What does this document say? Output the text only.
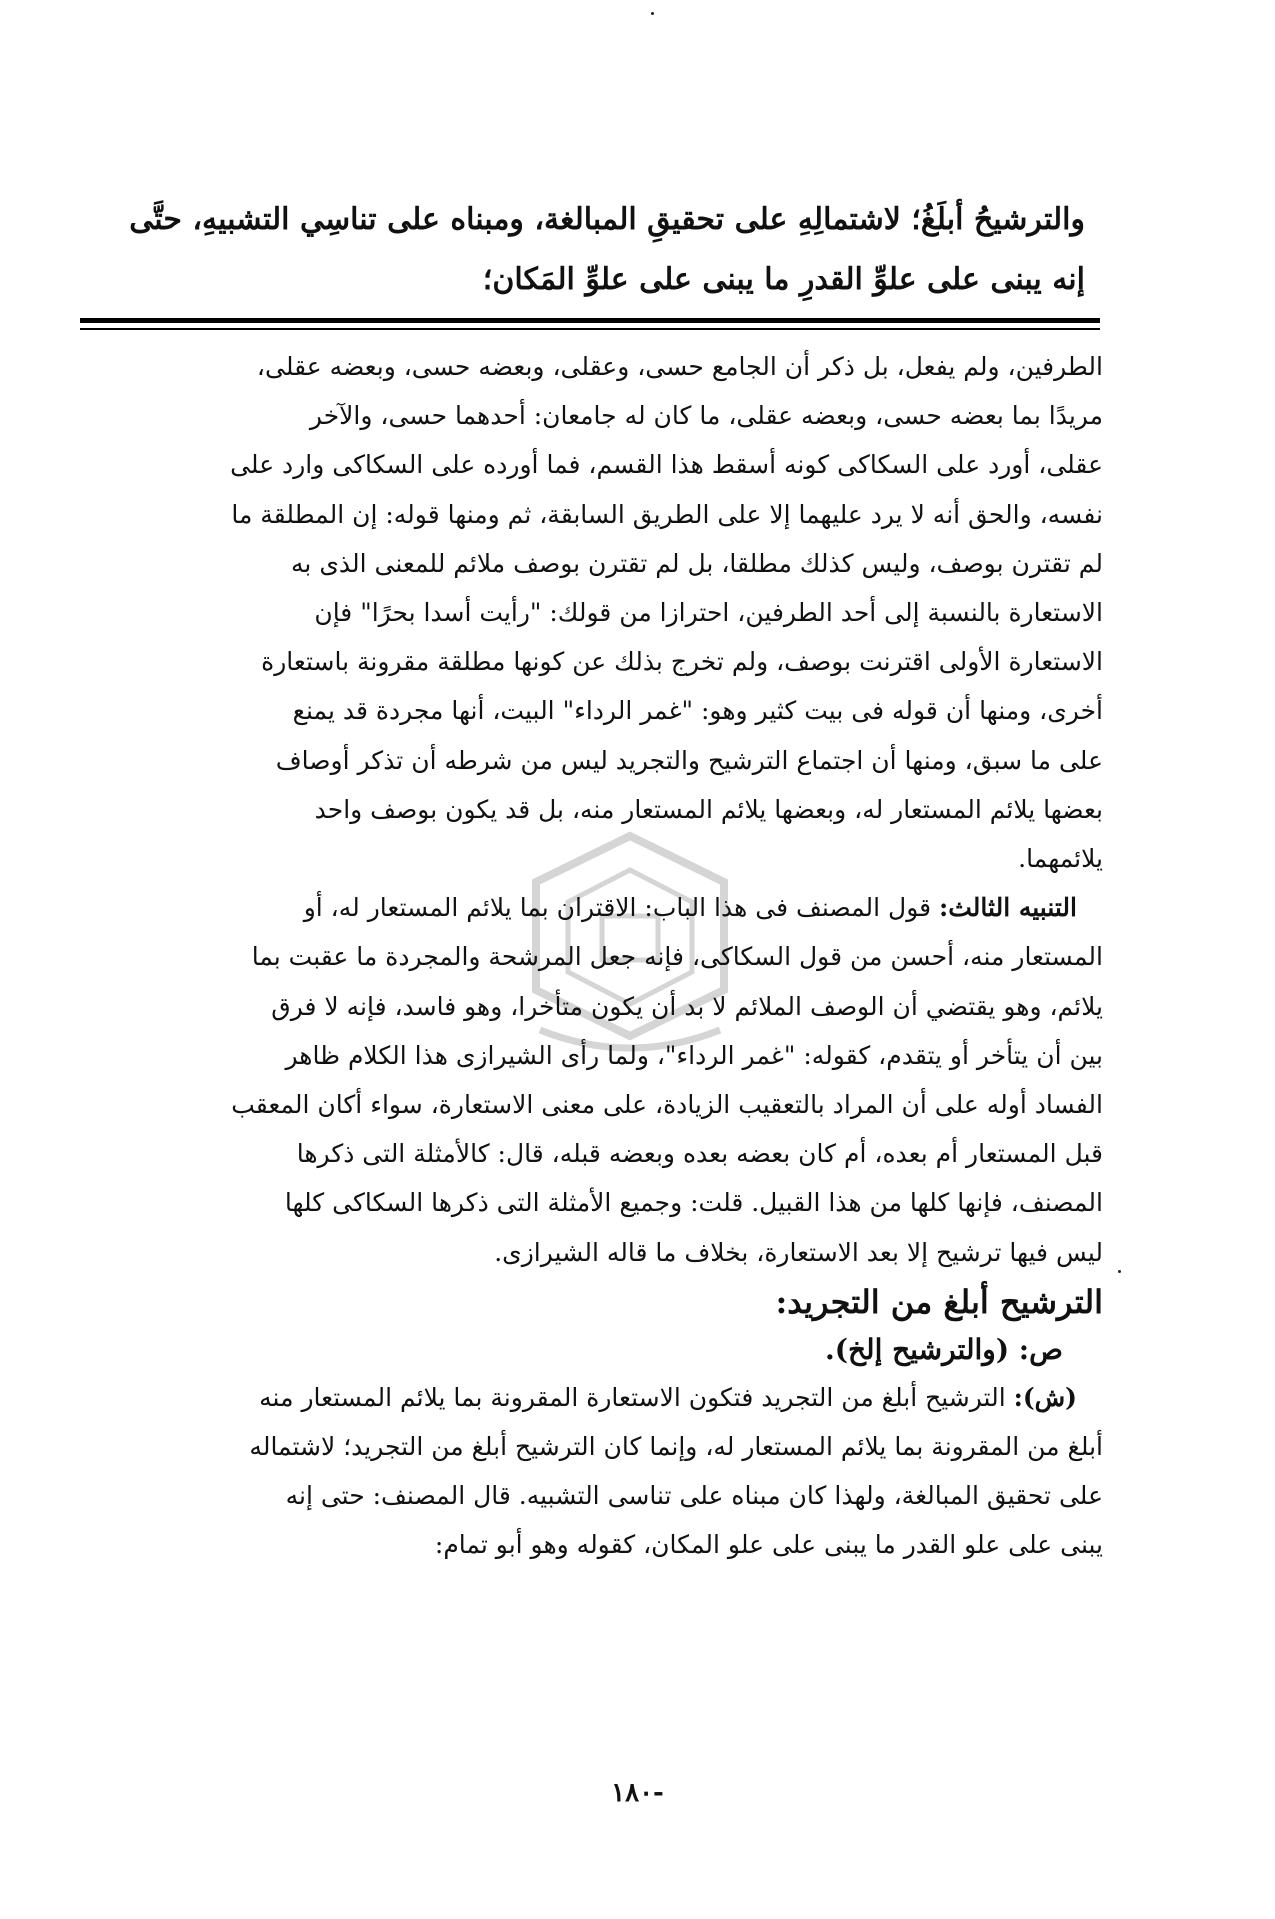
والترشيحُ أبلَغُ؛ لاشتمالِهِ على تحقيقِ المبالغة، ومبناه على تناسِي التشبيهِ، حتَّى

إنه يبنى على علوِّ القدرِ ما يبنى على علوِّ المَكان؛

الطرفين، ولم يفعل، بل ذكر أن الجامع حسى، وعقلى، وبعضه حسى، وبعضه عقلى،

مريدًا بما بعضه حسى، وبعضه عقلى، ما كان له جامعان: أحدهما حسى، والآخر

عقلى، أورد على السكاكى كونه أسقط هذا القسم، فما أورده على السكاكى وارد على

نفسه، والحق أنه لا يرد عليهما إلا على الطريق السابقة، ثم ومنها قوله: إن المطلقة ما

لم تقترن بوصف، وليس كذلك مطلقا، بل لم تقترن بوصف ملائم للمعنى الذى به

الاستعارة بالنسبة إلى أحد الطرفين، احترازا من قولك: "رأيت أسدا بحرًا" فإن

الاستعارة الأولى اقترنت بوصف، ولم تخرج بذلك عن كونها مطلقة مقرونة باستعارة

أخرى، ومنها أن قوله فى بيت كثير وهو: "غمر الرداء" البيت، أنها مجردة قد يمنع

على ما سبق، ومنها أن اجتماع الترشيح والتجريد ليس من شرطه أن تذكر أوصاف

بعضها يلائم المستعار له، وبعضها يلائم المستعار منه، بل قد يكون بوصف واحد

يلائمهما.

التنبيه الثالث: قول المصنف فى هذا الباب: الاقتران بما يلائم المستعار له، أو

المستعار منه، أحسن من قول السكاكى، فإنه جعل المرشحة والمجردة ما عقبت بما

يلائم، وهو يقتضي أن الوصف الملائم لا بد أن يكون متأخرا، وهو فاسد، فإنه لا فرق

بين أن يتأخر أو يتقدم، كقوله: "غمر الرداء"، ولما رأى الشيرازى هذا الكلام ظاهر

الفساد أوله على أن المراد بالتعقيب الزيادة، على معنى الاستعارة، سواء أكان المعقب

قبل المستعار أم بعده، أم كان بعضه بعده وبعضه قبله، قال: كالأمثلة التى ذكرها

المصنف، فإنها كلها من هذا القبيل. قلت: وجميع الأمثلة التى ذكرها السكاكى كلها

ليس فيها ترشيح إلا بعد الاستعارة، بخلاف ما قاله الشيرازى.

الترشيح أبلغ من التجريد:

ص: (والترشيح إلخ).

(ش): الترشيح أبلغ من التجريد فتكون الاستعارة المقرونة بما يلائم المستعار منه

أبلغ من المقرونة بما يلائم المستعار له، وإنما كان الترشيح أبلغ من التجريد؛ لاشتماله

على تحقيق المبالغة، ولهذا كان مبناه على تناسى التشبيه. قال المصنف: حتى إنه

يبنى على علو القدر ما يبنى على علو المكان، كقوله وهو أبو تمام:

-١٨٠
